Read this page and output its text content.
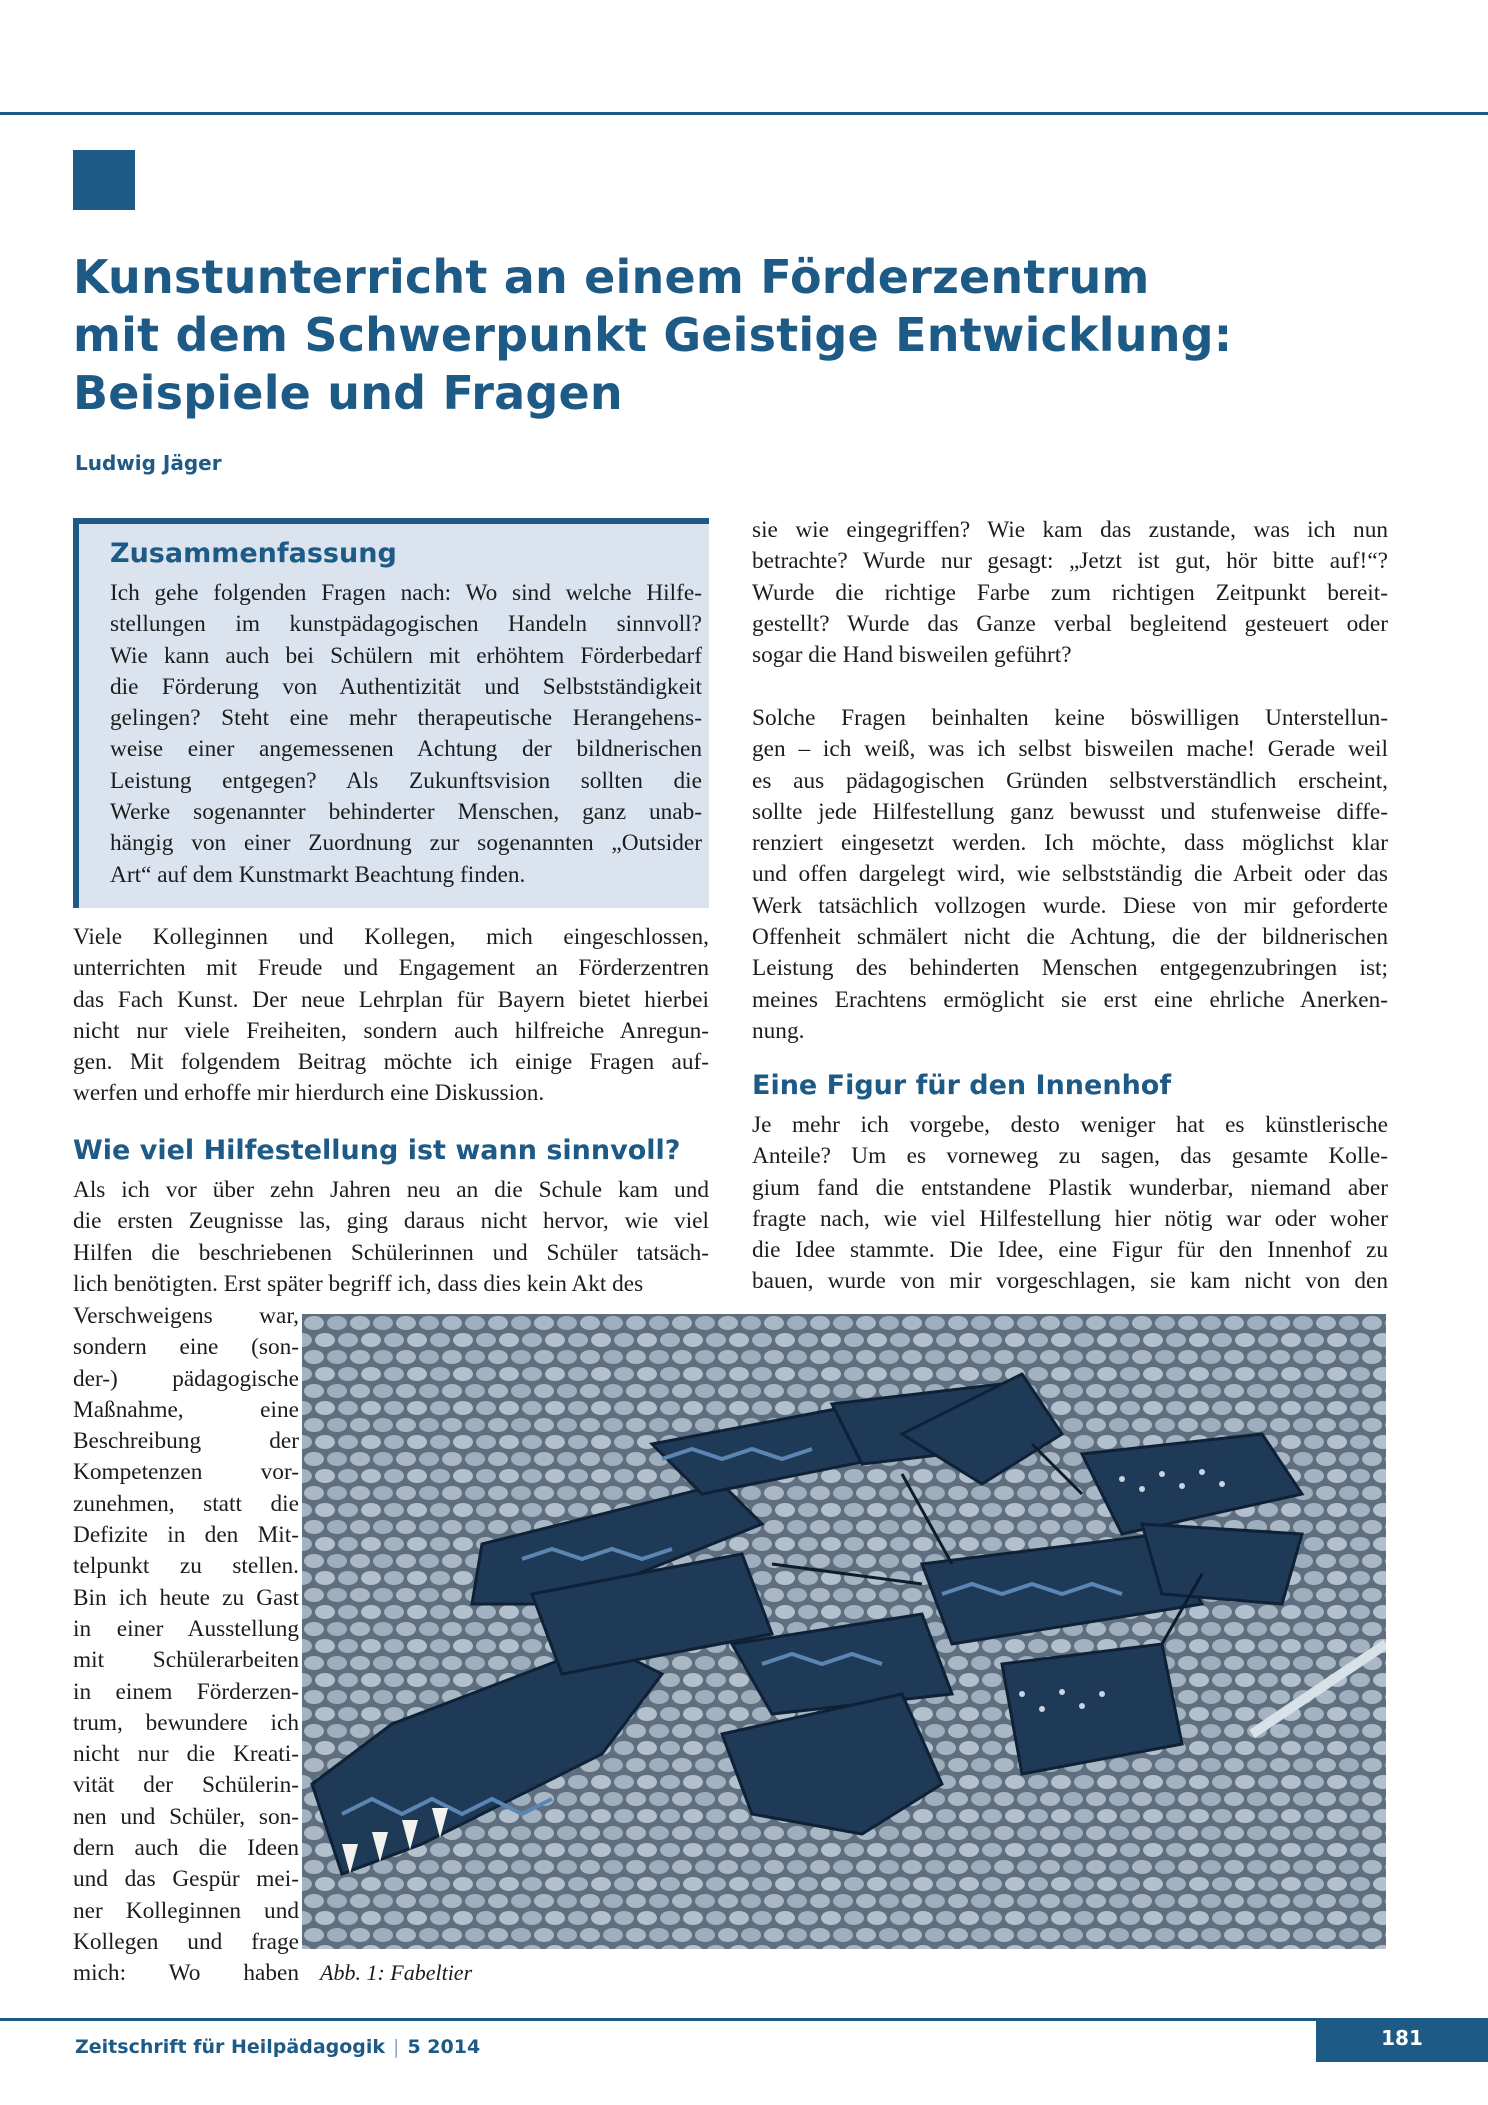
Kunstunterricht an einem Förderzentrum
mit dem Schwerpunkt Geistige Entwicklung:
Beispiele und Fragen
Ludwig Jäger
Zusammenfassung
Ich gehe folgenden Fragen nach: Wo sind welche Hilfe-
stellungen im kunstpädagogischen Handeln sinnvoll?
Wie kann auch bei Schülern mit erhöhtem Förderbedarf
die Förderung von Authentizität und Selbstständigkeit
gelingen? Steht eine mehr therapeutische Herangehens-
weise einer angemessenen Achtung der bildnerischen
Leistung entgegen? Als Zukunftsvision sollten die
Werke sogenannter behinderter Menschen, ganz unab-
hängig von einer Zuordnung zur sogenannten „Outsider
Art“ auf dem Kunstmarkt Beachtung finden.
Viele Kolleginnen und Kollegen, mich eingeschlossen,
unterrichten mit Freude und Engagement an Förderzentren
das Fach Kunst. Der neue Lehrplan für Bayern bietet hierbei
nicht nur viele Freiheiten, sondern auch hilfreiche Anregun-
gen. Mit folgendem Beitrag möchte ich einige Fragen auf-
werfen und erhoffe mir hierdurch eine Diskussion.
Wie viel Hilfestellung ist wann sinnvoll?
Als ich vor über zehn Jahren neu an die Schule kam und
die ersten Zeugnisse las, ging daraus nicht hervor, wie viel
Hilfen die beschriebenen Schülerinnen und Schüler tatsäch-
lich benötigten. Erst später begriff ich, dass dies kein Akt des
Verschweigens war,
sondern eine (son-
der-) pädagogische
Maßnahme, eine
Beschreibung der
Kompetenzen vor-
zunehmen, statt die
Defizite in den Mit-
telpunkt zu stellen.
Bin ich heute zu Gast
in einer Ausstellung
mit Schülerarbeiten
in einem Förderzen-
trum, bewundere ich
nicht nur die Kreati-
vität der Schülerin-
nen und Schüler, son-
dern auch die Ideen
und das Gespür mei-
ner Kolleginnen und
Kollegen und frage
mich: Wo haben
sie wie eingegriffen? Wie kam das zustande, was ich nun
betrachte? Wurde nur gesagt: „Jetzt ist gut, hör bitte auf!“?
Wurde die richtige Farbe zum richtigen Zeitpunkt bereit-
gestellt? Wurde das Ganze verbal begleitend gesteuert oder
sogar die Hand bisweilen geführt?
Solche Fragen beinhalten keine böswilligen Unterstellun-
gen – ich weiß, was ich selbst bisweilen mache! Gerade weil
es aus pädagogischen Gründen selbstverständlich erscheint,
sollte jede Hilfestellung ganz bewusst und stufenweise diffe-
renziert eingesetzt werden. Ich möchte, dass möglichst klar
und offen dargelegt wird, wie selbstständig die Arbeit oder das
Werk tatsächlich vollzogen wurde. Diese von mir geforderte
Offenheit schmälert nicht die Achtung, die der bildnerischen
Leistung des behinderten Menschen entgegenzubringen ist;
meines Erachtens ermöglicht sie erst eine ehrliche Anerken-
nung.
Eine Figur für den Innenhof
Je mehr ich vorgebe, desto weniger hat es künstlerische
Anteile? Um es vorneweg zu sagen, das gesamte Kolle-
gium fand die entstandene Plastik wunderbar, niemand aber
fragte nach, wie viel Hilfestellung hier nötig war oder woher
die Idee stammte. Die Idee, eine Figur für den Innenhof zu
bauen, wurde von mir vorgeschlagen, sie kam nicht von den
Abb. 1: Fabeltier
Zeitschrift für Heilpädagogik | 5 2014	181
